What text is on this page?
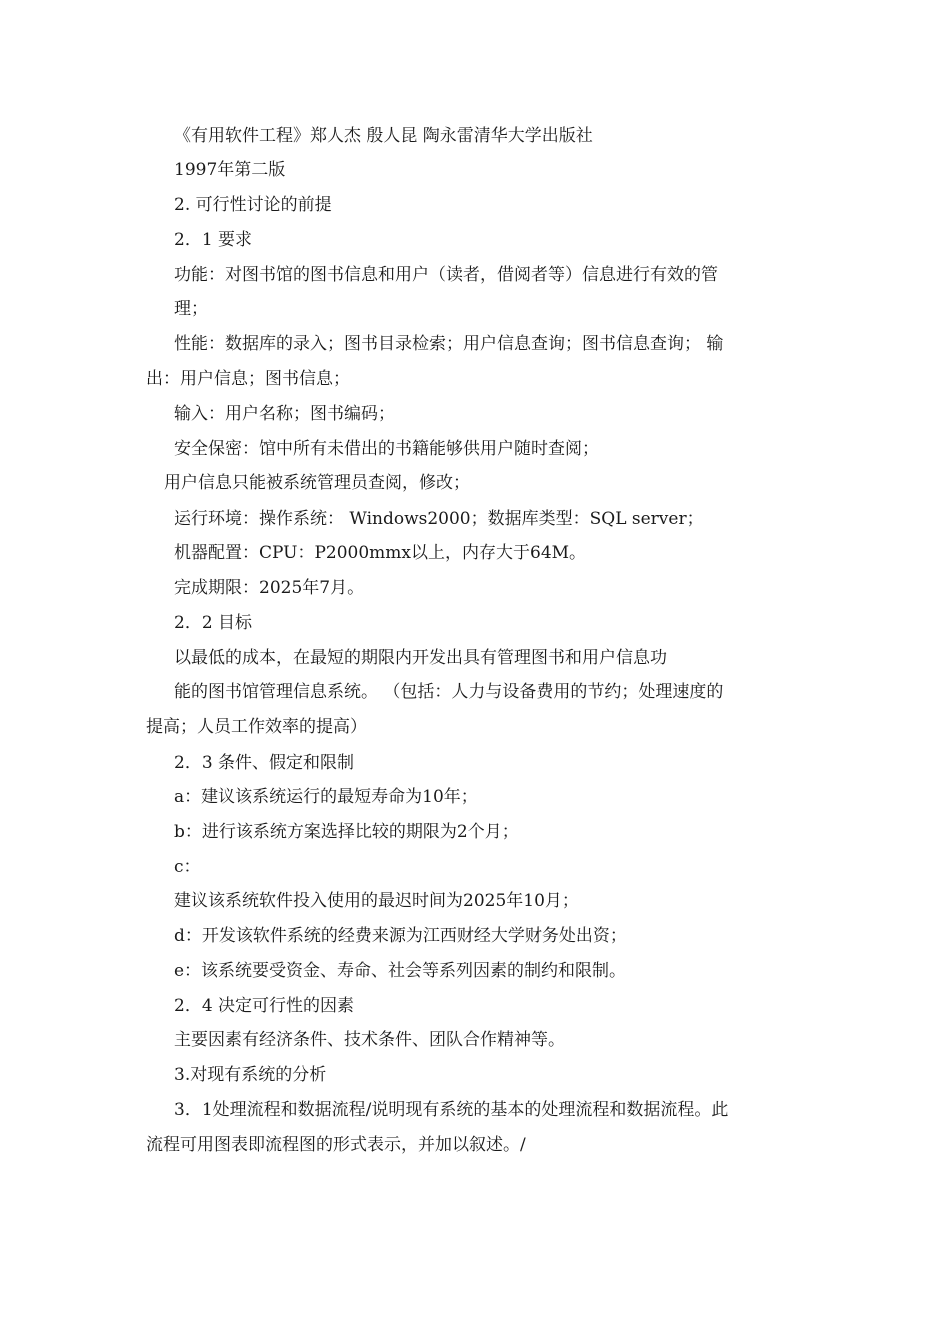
《有用软件工程》郑人杰 殷人昆 陶永雷清华大学出版社
1997年第二版
2. 可行性讨论的前提
2．1 要求
功能：对图书馆的图书信息和用户（读者，借阅者等）信息进行有效的管
理；
性能：数据库的录入；图书目录检索；用户信息查询；图书信息查询； 输
出：用户信息；图书信息；
输入：用户名称；图书编码；
安全保密：馆中所有未借出的书籍能够供用户随时查阅；
用户信息只能被系统管理员查阅，修改；
运行环境：操作系统： Windows2000；数据库类型：SQL server；
机器配置：CPU：P2000mmx以上，内存大于64M。
完成期限：2025年7月。
2．2 目标
以最低的成本，在最短的期限内开发出具有管理图书和用户信息功
能的图书馆管理信息系统。 （包括：人力与设备费用的节约；处理速度的
提高；人员工作效率的提高）
2．3 条件、假定和限制
a：建议该系统运行的最短寿命为10年；
b：进行该系统方案选择比较的期限为2个月；
c：
建议该系统软件投入使用的最迟时间为2025年10月；
d：开发该软件系统的经费来源为江西财经大学财务处出资；
e：该系统要受资金、寿命、社会等系列因素的制约和限制。
2．4 决定可行性的因素
主要因素有经济条件、技术条件、团队合作精神等。
3.对现有系统的分析
3．1处理流程和数据流程/说明现有系统的基本的处理流程和数据流程。此
流程可用图表即流程图的形式表示，并加以叙述。/
